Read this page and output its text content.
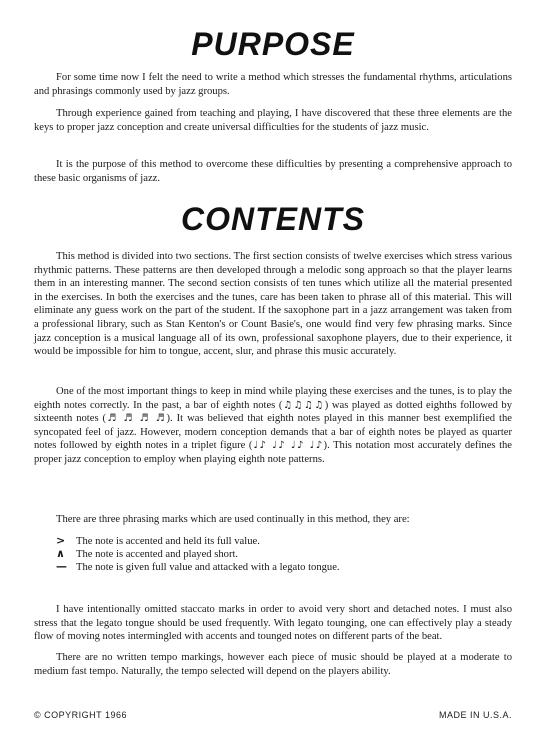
PURPOSE

For some time now I felt the need to write a method which stresses the fundamental rhythms, articulations and phrasings commonly used by jazz groups.

Through experience gained from teaching and playing, I have discovered that these three elements are the keys to proper jazz conception and create universal difficulties for the students of jazz music.

It is the purpose of this method to overcome these difficulties by presenting a comprehensive approach to these basic organisms of jazz.

CONTENTS

This method is divided into two sections. The first section consists of twelve exercises which stress various rhythmic patterns. These patterns are then developed through a melodic song approach so that the player learns them in an interesting manner. The second section consists of ten tunes which utilize all the material presented in the exercises. In both the exercises and the tunes, care has been taken to phrase all of this material. This will eliminate any guess work on the part of the student. If the saxophone part in a jazz arrangement was taken from a professional library, such as Stan Kenton's or Count Basie's, one would find very few phrasing marks. Since jazz conception is a musical language all of its own, professional saxophone players, due to their experience, it would be impossible for him to tongue, accent, slur, and phrase this music accurately.

One of the most important things to keep in mind while playing these exercises and the tunes, is to play the eighth notes correctly. In the past, a bar of eighth notes (♫♫♫♫) was played as dotted eighths followed by sixteenth notes (♬ ♬ ♬ ♬). It was believed that eighth notes played in this manner best exemplified the syncopated feel of jazz. However, modern conception demands that a bar of eighth notes be played as quarter notes followed by eighth notes in a triplet figure (♩♪ ♩♪ ♩♪ ♩♪). This notation most accurately defines the proper jazz conception to employ when playing eighth note patterns.

There are three phrasing marks which are used continually in this method, they are:

>	The note is accented and held its full value.
∧	The note is accented and played short.
— The note is given full value and attacked with a legato tongue.

I have intentionally omitted staccato marks in order to avoid very short and detached notes. I must also stress that the legato tongue should be used frequently. With legato tounging, one can effectively play a steady flow of moving notes intermingled with accents and tounged notes on different parts of the beat.

There are no written tempo markings, however each piece of music should be played at a moderate to medium fast tempo. Naturally, the tempo selected will depend on the players ability.

© COPYRIGHT 1966	MADE IN U.S.A.
